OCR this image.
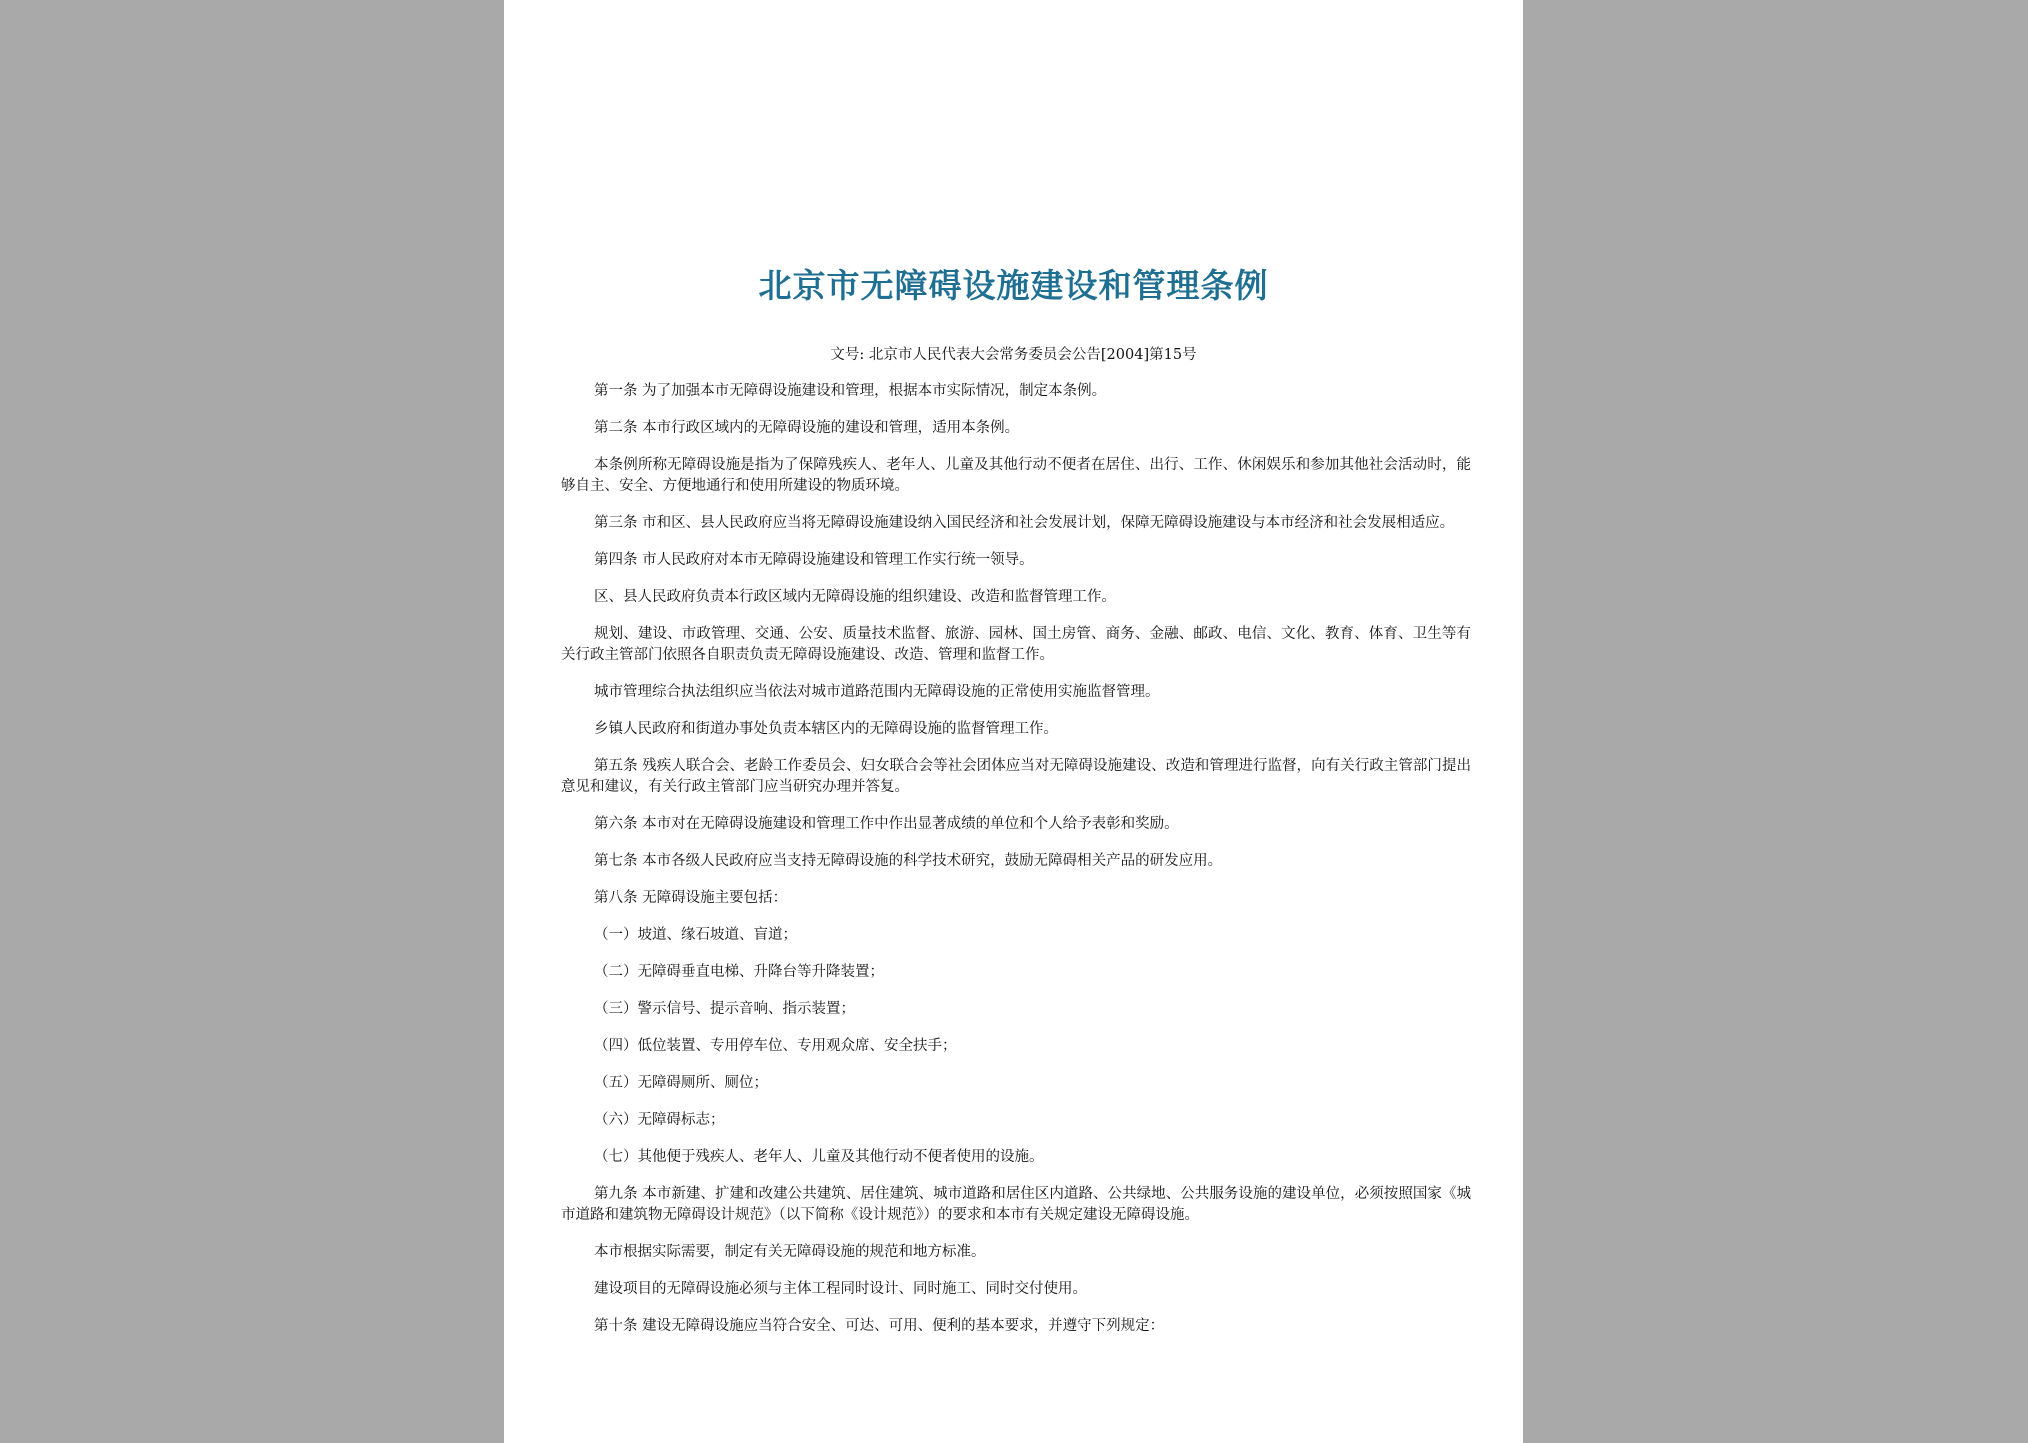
北京市无障碍设施建设和管理条例
文号: 北京市人民代表大会常务委员会公告[2004]第15号

第一条 为了加强本市无障碍设施建设和管理，根据本市实际情况，制定本条例。

第二条 本市行政区域内的无障碍设施的建设和管理，适用本条例。

本条例所称无障碍设施是指为了保障残疾人、老年人、儿童及其他行动不便者在居住、出行、工作、休闲娱乐和参加其他社会活动时，能够自主、安全、方便地通行和使用所建设的物质环境。

第三条 市和区、县人民政府应当将无障碍设施建设纳入国民经济和社会发展计划，保障无障碍设施建设与本市经济和社会发展相适应。

第四条 市人民政府对本市无障碍设施建设和管理工作实行统一领导。

区、县人民政府负责本行政区域内无障碍设施的组织建设、改造和监督管理工作。

规划、建设、市政管理、交通、公安、质量技术监督、旅游、园林、国土房管、商务、金融、邮政、电信、文化、教育、体育、卫生等有关行政主管部门依照各自职责负责无障碍设施建设、改造、管理和监督工作。

城市管理综合执法组织应当依法对城市道路范围内无障碍设施的正常使用实施监督管理。

乡镇人民政府和街道办事处负责本辖区内的无障碍设施的监督管理工作。

第五条 残疾人联合会、老龄工作委员会、妇女联合会等社会团体应当对无障碍设施建设、改造和管理进行监督，向有关行政主管部门提出意见和建议，有关行政主管部门应当研究办理并答复。

第六条 本市对在无障碍设施建设和管理工作中作出显著成绩的单位和个人给予表彰和奖励。

第七条 本市各级人民政府应当支持无障碍设施的科学技术研究，鼓励无障碍相关产品的研发应用。

第八条 无障碍设施主要包括：

（一）坡道、缘石坡道、盲道；

（二）无障碍垂直电梯、升降台等升降装置；

（三）警示信号、提示音响、指示装置；

（四）低位装置、专用停车位、专用观众席、安全扶手；

（五）无障碍厕所、厕位；

（六）无障碍标志；

（七）其他便于残疾人、老年人、儿童及其他行动不便者使用的设施。

第九条 本市新建、扩建和改建公共建筑、居住建筑、城市道路和居住区内道路、公共绿地、公共服务设施的建设单位，必须按照国家《城市道路和建筑物无障碍设计规范》（以下简称《设计规范》）的要求和本市有关规定建设无障碍设施。

本市根据实际需要，制定有关无障碍设施的规范和地方标准。

建设项目的无障碍设施必须与主体工程同时设计、同时施工、同时交付使用。

第十条 建设无障碍设施应当符合安全、可达、可用、便利的基本要求，并遵守下列规定：
